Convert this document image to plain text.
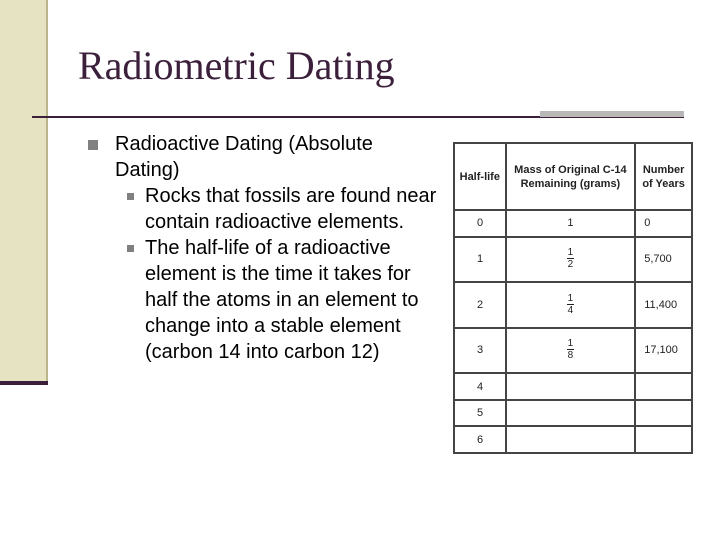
Radiometric Dating
Radioactive Dating (Absolute Dating)
Rocks that fossils are found near contain radioactive elements.
The half-life of a radioactive element is the time it takes for half the atoms in an element to change into a stable element (carbon 14 into carbon 12)
Half-life	Mass of Original C-14 Remaining (grams)	Number of Years
0	1	0
1	$\frac{1}{2}$	5,700
2	$\frac{1}{4}$	11,400
3	$\frac{1}{8}$	17,100
4		
5		
6		
